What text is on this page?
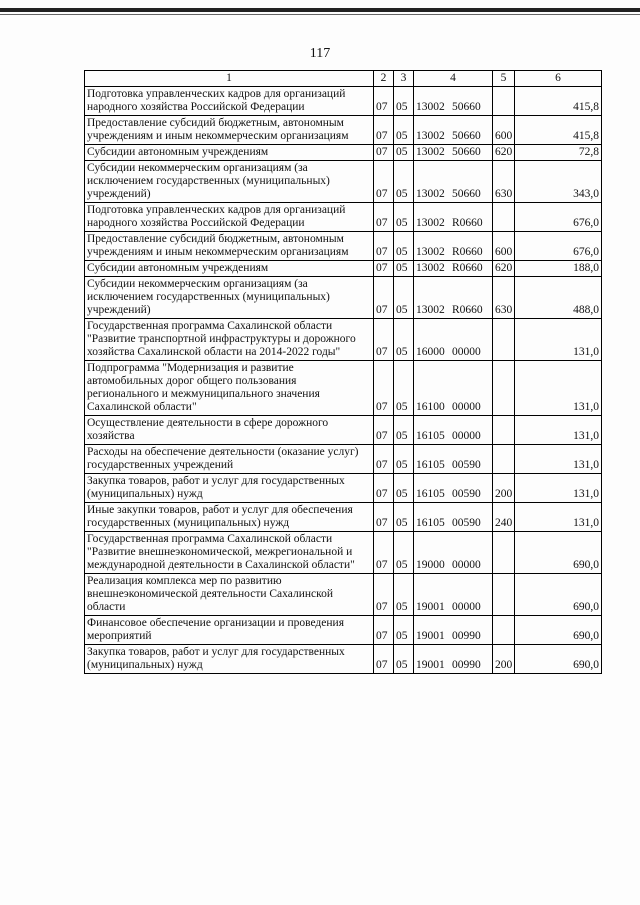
117
1	2	3	4	5	6
Подготовка управленческих кадров для организаций народного хозяйства Российской Федерации	07	05	13002 50660		415,8
Предоставление субсидий бюджетным, автономным учреждениям и иным некоммерческим организациям	07	05	13002 50660	600	415,8
Субсидии автономным учреждениям	07	05	13002 50660	620	72,8
Субсидии некоммерческим организациям (за исключением государственных (муниципальных) учреждений)	07	05	13002 50660	630	343,0
Подготовка управленческих кадров для организаций народного хозяйства Российской Федерации	07	05	13002 R0660		676,0
Предоставление субсидий бюджетным, автономным учреждениям и иным некоммерческим организациям	07	05	13002 R0660	600	676,0
Субсидии автономным учреждениям	07	05	13002 R0660	620	188,0
Субсидии некоммерческим организациям (за исключением государственных (муниципальных) учреждений)	07	05	13002 R0660	630	488,0
Государственная программа Сахалинской области "Развитие транспортной инфраструктуры и дорожного хозяйства Сахалинской области на 2014-2022 годы"	07	05	16000 00000		131,0
Подпрограмма "Модернизация и развитие автомобильных дорог общего пользования регионального и межмуниципального значения Сахалинской области"	07	05	16100 00000		131,0
Осуществление деятельности в сфере дорожного хозяйства	07	05	16105 00000		131,0
Расходы на обеспечение деятельности (оказание услуг) государственных учреждений	07	05	16105 00590		131,0
Закупка товаров, работ и услуг для государственных (муниципальных) нужд	07	05	16105 00590	200	131,0
Иные закупки товаров, работ и услуг для обеспечения государственных (муниципальных) нужд	07	05	16105 00590	240	131,0
Государственная программа Сахалинской области "Развитие внешнеэкономической, межрегиональной и международной деятельности в Сахалинской области"	07	05	19000 00000		690,0
Реализация комплекса мер по развитию внешнеэкономической деятельности Сахалинской области	07	05	19001 00000		690,0
Финансовое обеспечение организации и проведения мероприятий	07	05	19001 00990		690,0
Закупка товаров, работ и услуг для государственных (муниципальных) нужд	07	05	19001 00990	200	690,0
